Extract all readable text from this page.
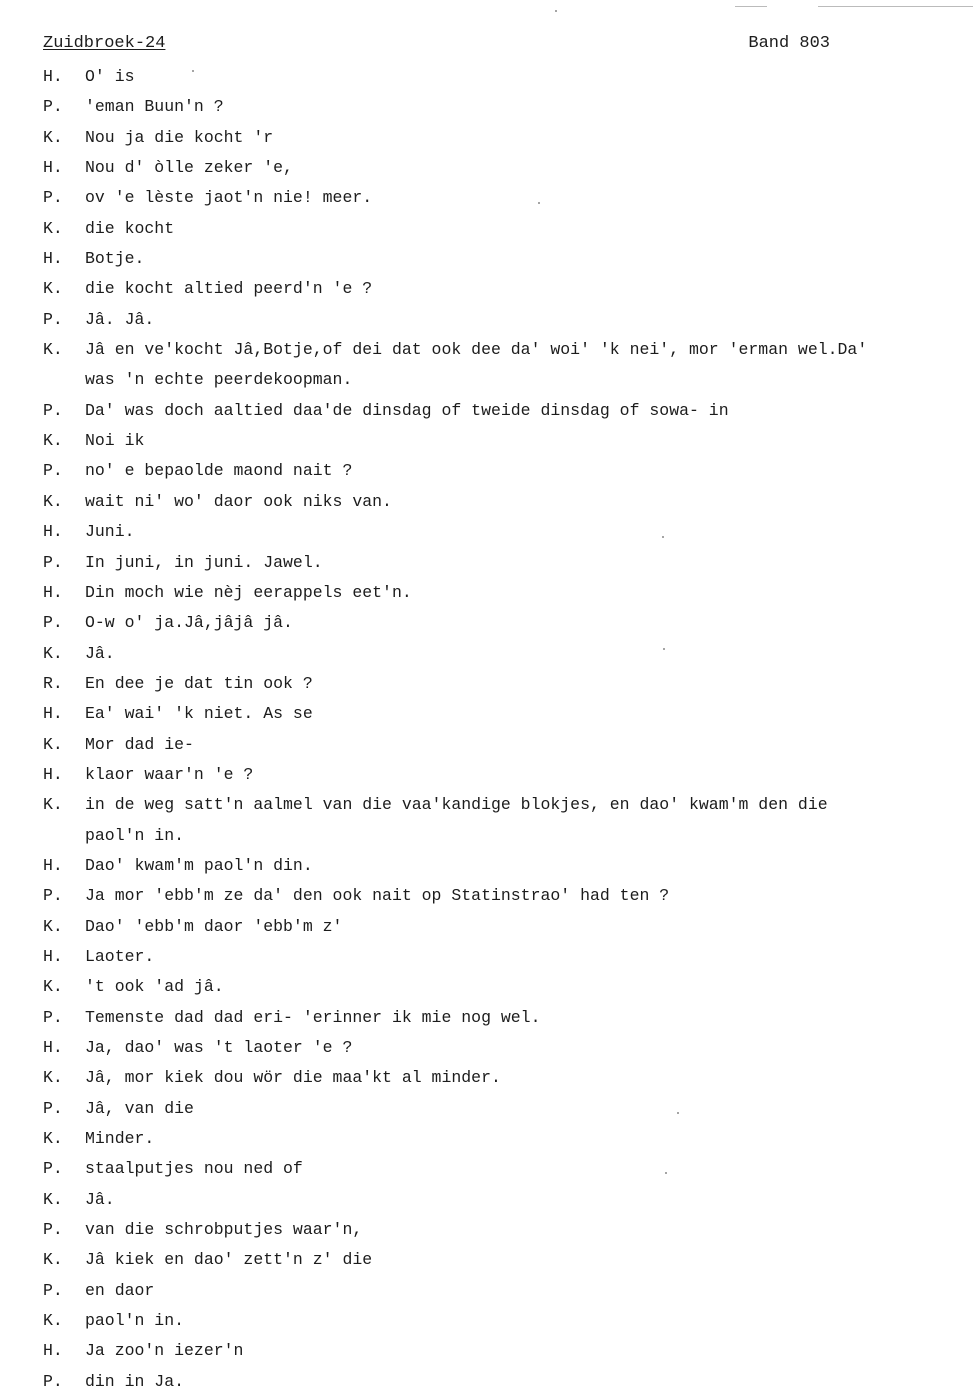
Zuidbroek-24	Band 803
H.	O' is
P.	'eman Buun'n ?
K.	Nou ja die kocht 'r
H.	Nou d' òlle zeker 'e,
P.	ov 'e lèste jaot'n nie! meer.
K.	die kocht
H.	Botje.
K.	die kocht altied peerd'n 'e ?
P.	Jâ. Jâ.
K.	Jâ en ve'kocht Jâ,Botje,of dei dat ook dee da' woi' 'k nei', mor 'erman wel.Da'
was 'n echte peerdekoopman.
P.	Da' was doch aaltied daa'de dinsdag of tweide dinsdag of sowa- in
K.	Noi ik
P.	no' e bepaolde maond nait ?
K.	wait ni' wo' daor ook niks van.
H.	Juni.
P.	In juni, in juni. Jawel.
H.	Din moch wie nèj eerappels eet'n.
P.	O-w o' ja.Jâ,jâjâ jâ.
K.	Jâ.
R.	En dee je dat tin ook ?
H.	Ea' wai' 'k niet. As se
K.	Mor dad ie-
H.	klaor waar'n 'e ?
K.	in de weg satt'n aalmel van die vaa'kandige blokjes, en dao' kwam'm den die
paol'n in.
H.	Dao' kwam'm paol'n din.
P.	Ja mor 'ebb'm ze da' den ook nait op Statinstrao' had ten ?
K.	Dao' 'ebb'm daor 'ebb'm z'
H.	Laoter.
K.	't ook 'ad jâ.
P.	Temenste dad dad eri- 'erinner ik mie nog wel.
H.	Ja, dao' was 't laoter 'e ?
K.	Jâ, mor kiek dou wör die maa'kt al minder.
P.	Jâ, van die
K.	Minder.
P.	staalputjes nou ned of
K.	Jâ.
P.	van die schrobputjes waar'n,
K.	Jâ kiek en dao' zett'n z' die
P.	en daor
K.	paol'n in.
H.	Ja zoo'n iezer'n
P.	din in Ja.
